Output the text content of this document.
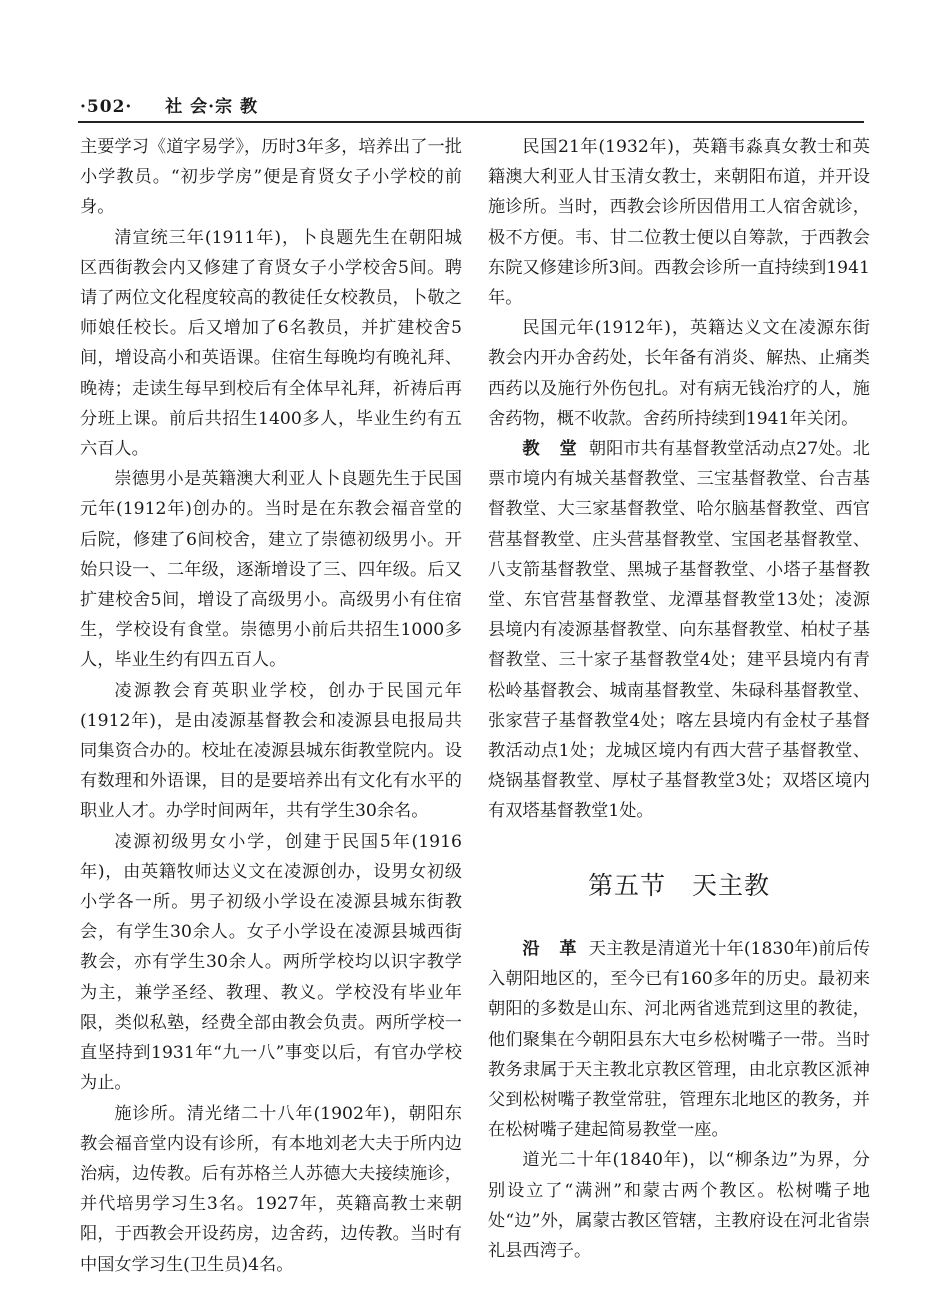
·502· 社 会·宗 教

主要学习《道字易学》，历时3年多，培养出了一批小学教员。“初步学房”便是育贤女子小学校的前身。

清宣统三年(1911年)，卜良题先生在朝阳城区西街教会内又修建了育贤女子小学校舍5间。聘请了两位文化程度较高的教徒任女校教员，卜敬之师娘任校长。后又增加了6名教员，并扩建校舍5间，增设高小和英语课。住宿生每晚均有晚礼拜、晚祷；走读生每早到校后有全体早礼拜，祈祷后再分班上课。前后共招生1400多人，毕业生约有五六百人。

崇德男小是英籍澳大利亚人卜良题先生于民国元年(1912年)创办的。当时是在东教会福音堂的后院，修建了6间校舍，建立了崇德初级男小。开始只设一、二年级，逐渐增设了三、四年级。后又扩建校舍5间，增设了高级男小。高级男小有住宿生，学校设有食堂。崇德男小前后共招生1000多人，毕业生约有四五百人。

凌源教会育英职业学校，创办于民国元年(1912年)，是由凌源基督教会和凌源县电报局共同集资合办的。校址在凌源县城东街教堂院内。设有数理和外语课，目的是要培养出有文化有水平的职业人才。办学时间两年，共有学生30余名。

凌源初级男女小学，创建于民国5年(1916年)，由英籍牧师达义文在凌源创办，设男女初级小学各一所。男子初级小学设在凌源县城东街教会，有学生30余人。女子小学设在凌源县城西街教会，亦有学生30余人。两所学校均以识字教学为主，兼学圣经、教理、教义。学校没有毕业年限，类似私塾，经费全部由教会负责。两所学校一直坚持到1931年“九一八”事变以后，有官办学校为止。

施诊所。清光绪二十八年(1902年)，朝阳东教会福音堂内设有诊所，有本地刘老大夫于所内边治病，边传教。后有苏格兰人苏德大夫接续施诊，并代培男学习生3名。1927年，英籍高教士来朝阳，于西教会开设药房，边舍药，边传教。当时有中国女学习生(卫生员)4名。

民国21年(1932年)，英籍韦淼真女教士和英籍澳大利亚人甘玉清女教士，来朝阳布道，并开设施诊所。当时，西教会诊所因借用工人宿舍就诊，极不方便。韦、甘二位教士便以自筹款，于西教会东院又修建诊所3间。西教会诊所一直持续到1941年。

民国元年(1912年)，英籍达义文在凌源东街教会内开办舍药处，长年备有消炎、解热、止痛类西药以及施行外伤包扎。对有病无钱治疗的人，施舍药物，概不收款。舍药所持续到1941年关闭。

教 堂 朝阳市共有基督教堂活动点27处。北票市境内有城关基督教堂、三宝基督教堂、台吉基督教堂、大三家基督教堂、哈尔脑基督教堂、西官营基督教堂、庄头营基督教堂、宝国老基督教堂、八支箭基督教堂、黑城子基督教堂、小塔子基督教堂、东官营基督教堂、龙潭基督教堂13处；凌源县境内有凌源基督教堂、向东基督教堂、柏杖子基督教堂、三十家子基督教堂4处；建平县境内有青松岭基督教会、城南基督教堂、朱碌科基督教堂、张家营子基督教堂4处；喀左县境内有金杖子基督教活动点1处；龙城区境内有西大营子基督教堂、烧锅基督教堂、厚杖子基督教堂3处；双塔区境内有双塔基督教堂1处。

第五节　天主教

沿 革 天主教是清道光十年(1830年)前后传入朝阳地区的，至今已有160多年的历史。最初来朝阳的多数是山东、河北两省逃荒到这里的教徒，他们聚集在今朝阳县东大屯乡松树嘴子一带。当时教务隶属于天主教北京教区管理，由北京教区派神父到松树嘴子教堂常驻，管理东北地区的教务，并在松树嘴子建起简易教堂一座。

道光二十年(1840年)，以“柳条边”为界，分别设立了“满洲”和蒙古两个教区。松树嘴子地处“边”外，属蒙古教区管辖，主教府设在河北省崇礼县西湾子。
